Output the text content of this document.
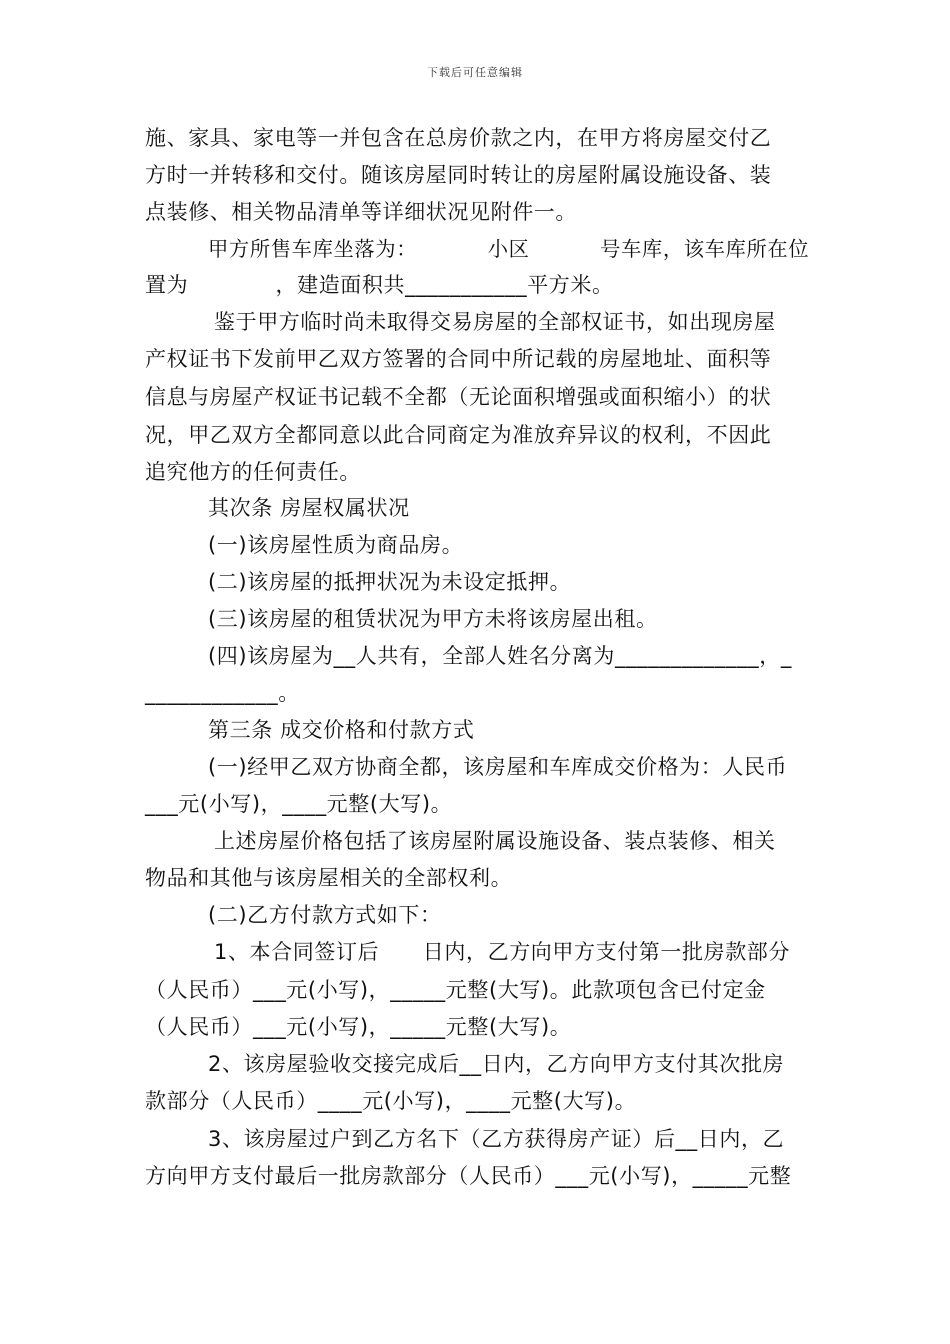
下载后可任意编辑
施、家具、家电等一并包含在总房价款之内，在甲方将房屋交付乙
方时一并转移和交付。随该房屋同时转让的房屋附属设施设备、装
点装修、相关物品清单等详细状况见附件一。
甲方所售车库坐落为：          小区          号车库，该车库所在位
置为            ，建造面积共___________平方米。
鉴于甲方临时尚未取得交易房屋的全部权证书，如出现房屋
产权证书下发前甲乙双方签署的合同中所记载的房屋地址、面积等
信息与房屋产权证书记载不全都（无论面积增强或面积缩小）的状
况，甲乙双方全都同意以此合同商定为准放弃异议的权利，不因此
追究他方的任何责任。
其次条 房屋权属状况
(一)该房屋性质为商品房。
(二)该房屋的抵押状况为未设定抵押。
(三)该房屋的租赁状况为甲方未将该房屋出租。
(四)该房屋为__人共有，全部人姓名分离为_____________，_
____________。
第三条 成交价格和付款方式
(一)经甲乙双方协商全都，该房屋和车库成交价格为：人民币
___元(小写)，____元整(大写)。
上述房屋价格包括了该房屋附属设施设备、装点装修、相关
物品和其他与该房屋相关的全部权利。
(二)乙方付款方式如下：
1、本合同签订后      日内，乙方向甲方支付第一批房款部分
（人民币）___元(小写)，_____元整(大写)。此款项包含已付定金
（人民币）___元(小写)，_____元整(大写)。
2、该房屋验收交接完成后__日内，乙方向甲方支付其次批房
款部分（人民币）____元(小写)，____元整(大写)。
3、该房屋过户到乙方名下（乙方获得房产证）后__日内，乙
方向甲方支付最后一批房款部分（人民币）___元(小写)，_____元整
